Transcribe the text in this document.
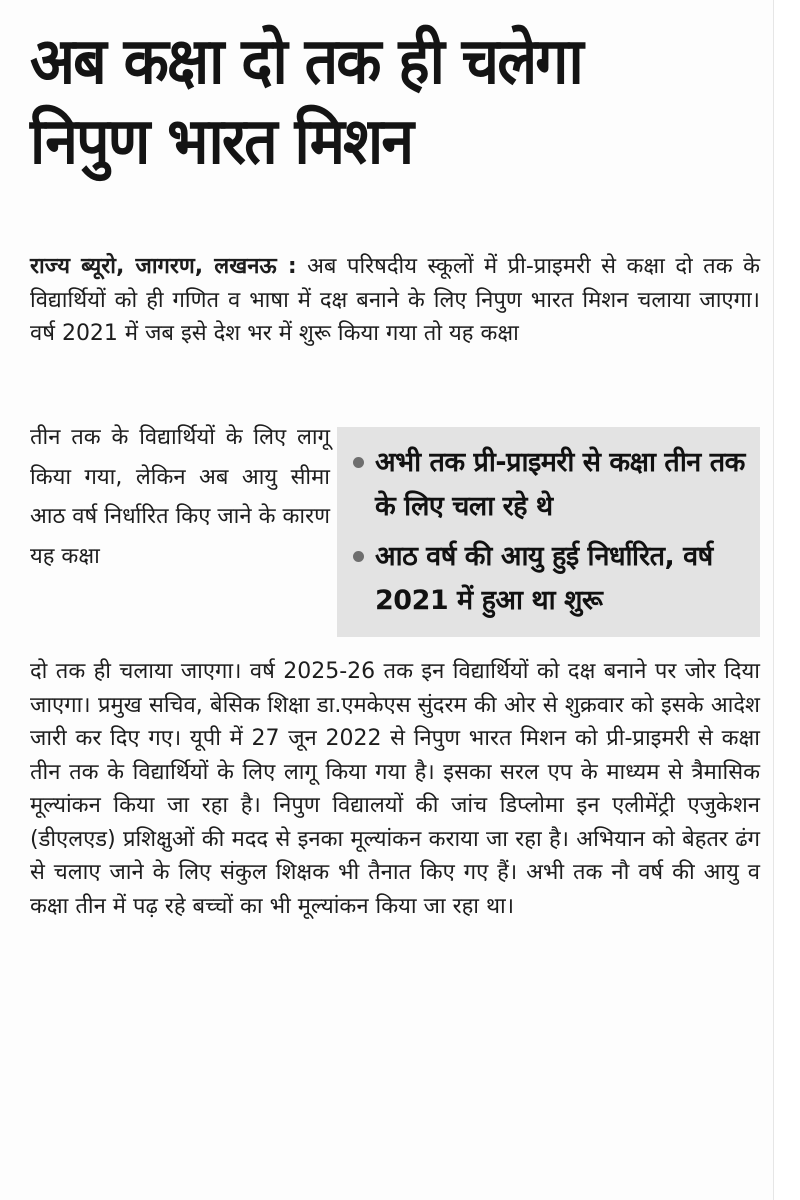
अब कक्षा दो तक ही चलेगा
निपुण भारत मिशन
राज्य ब्यूरो, जागरण, लखनऊ : अब परिषदीय स्कूलों में प्री-प्राइमरी से कक्षा दो तक के विद्यार्थियों को ही गणित व भाषा में दक्ष बनाने के लिए निपुण भारत मिशन चलाया जाएगा। वर्ष 2021 में जब इसे देश भर में शुरू किया गया तो यह कक्षा
तीन तक के विद्यार्थियों के लिए लागू किया गया, लेकिन अब आयु सीमा आठ वर्ष निर्धारित किए जाने के कारण यह कक्षा
अभी तक प्री-प्राइमरी से कक्षा तीन तक के लिए चला रहे थे
आठ वर्ष की आयु हुई निर्धारित, वर्ष 2021 में हुआ था शुरू
दो तक ही चलाया जाएगा। वर्ष 2025-26 तक इन विद्यार्थियों को दक्ष बनाने पर जोर दिया जाएगा। प्रमुख सचिव, बेसिक शिक्षा डा.एमकेएस सुंदरम की ओर से शुक्रवार को इसके आदेश जारी कर दिए गए। यूपी में 27 जून 2022 से निपुण भारत मिशन को प्री-प्राइमरी से कक्षा तीन तक के विद्यार्थियों के लिए लागू किया गया है। इसका सरल एप के माध्यम से त्रैमासिक मूल्यांकन किया जा रहा है। निपुण विद्यालयों की जांच डिप्लोमा इन एलीमेंट्री एजुकेशन (डीएलएड) प्रशिक्षुओं की मदद से इनका मूल्यांकन कराया जा रहा है। अभियान को बेहतर ढंग से चलाए जाने के लिए संकुल शिक्षक भी तैनात किए गए हैं। अभी तक नौ वर्ष की आयु व कक्षा तीन में पढ़ रहे बच्चों का भी मूल्यांकन किया जा रहा था।
